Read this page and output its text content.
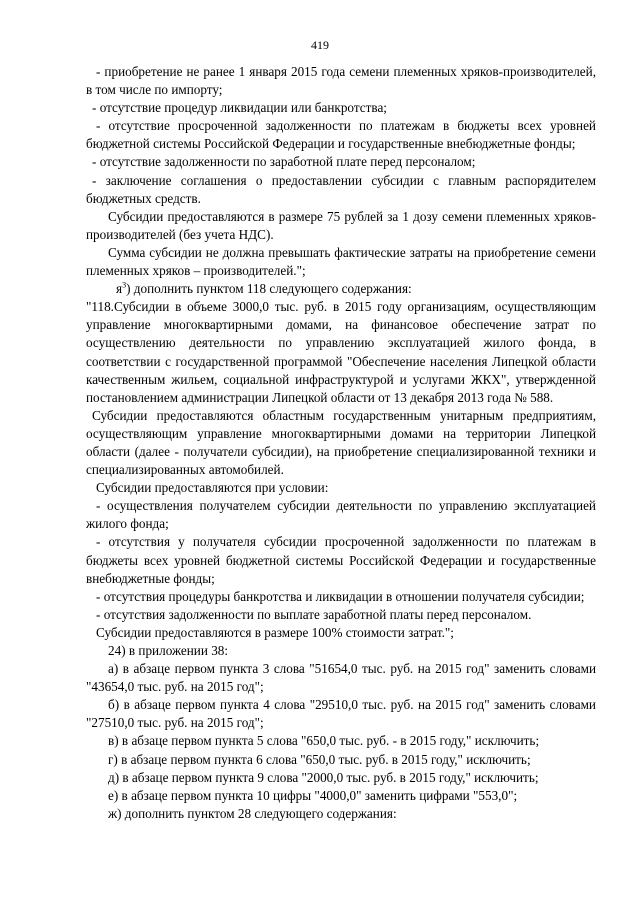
419

- приобретение не ранее 1 января 2015 года семени племенных хряков-производителей, в том числе по импорту;

- отсутствие процедур ликвидации или банкротства;

- отсутствие просроченной задолженности по платежам в бюджеты всех уровней бюджетной системы Российской Федерации и государственные внебюджетные фонды;

- отсутствие задолженности по заработной плате перед персоналом;

- заключение соглашения о предоставлении субсидии с главным распорядителем бюджетных средств.

Субсидии предоставляются в размере 75 рублей за 1 дозу семени племенных хряков-производителей (без учета НДС).

Сумма субсидии не должна превышать фактические затраты на приобретение семени племенных хряков – производителей.";

$я^3$) дополнить пунктом 118 следующего содержания:

"118.Субсидии в объеме 3000,0 тыс. руб. в 2015 году организациям, осуществляющим управление многоквартирными домами, на финансовое обеспечение затрат по осуществлению деятельности по управлению эксплуатацией жилого фонда, в соответствии с государственной программой "Обеспечение населения Липецкой области качественным жильем, социальной инфраструктурой и услугами ЖКХ", утвержденной постановлением администрации Липецкой области от 13 декабря 2013 года № 588.

Субсидии предоставляются областным государственным унитарным предприятиям, осуществляющим управление многоквартирными домами на территории Липецкой области (далее - получатели субсидии), на приобретение специализированной техники и специализированных автомобилей.

Субсидии предоставляются при условии:

- осуществления получателем субсидии деятельности по управлению эксплуатацией жилого фонда;

- отсутствия у получателя субсидии просроченной задолженности по платежам в бюджеты всех уровней бюджетной системы Российской Федерации и государственные внебюджетные фонды;

- отсутствия процедуры банкротства и ликвидации в отношении получателя субсидии;

- отсутствия задолженности по выплате заработной платы перед персоналом.

Субсидии предоставляются в размере 100% стоимости затрат.";

24) в приложении 38:

а) в абзаце первом пункта 3 слова "51654,0 тыс. руб. на 2015 год" заменить словами "43654,0 тыс. руб. на 2015 год";

б) в абзаце первом пункта 4 слова "29510,0 тыс. руб. на 2015 год" заменить словами "27510,0 тыс. руб. на 2015 год";

в) в абзаце первом пункта 5 слова "650,0 тыс. руб. - в 2015 году," исключить;

г) в абзаце первом пункта 6 слова "650,0 тыс. руб. в 2015 году," исключить;

д) в абзаце первом пункта 9 слова "2000,0 тыс. руб. в 2015 году," исключить;

е) в абзаце первом пункта 10 цифры "4000,0" заменить цифрами "553,0";

ж) дополнить пунктом 28 следующего содержания:
